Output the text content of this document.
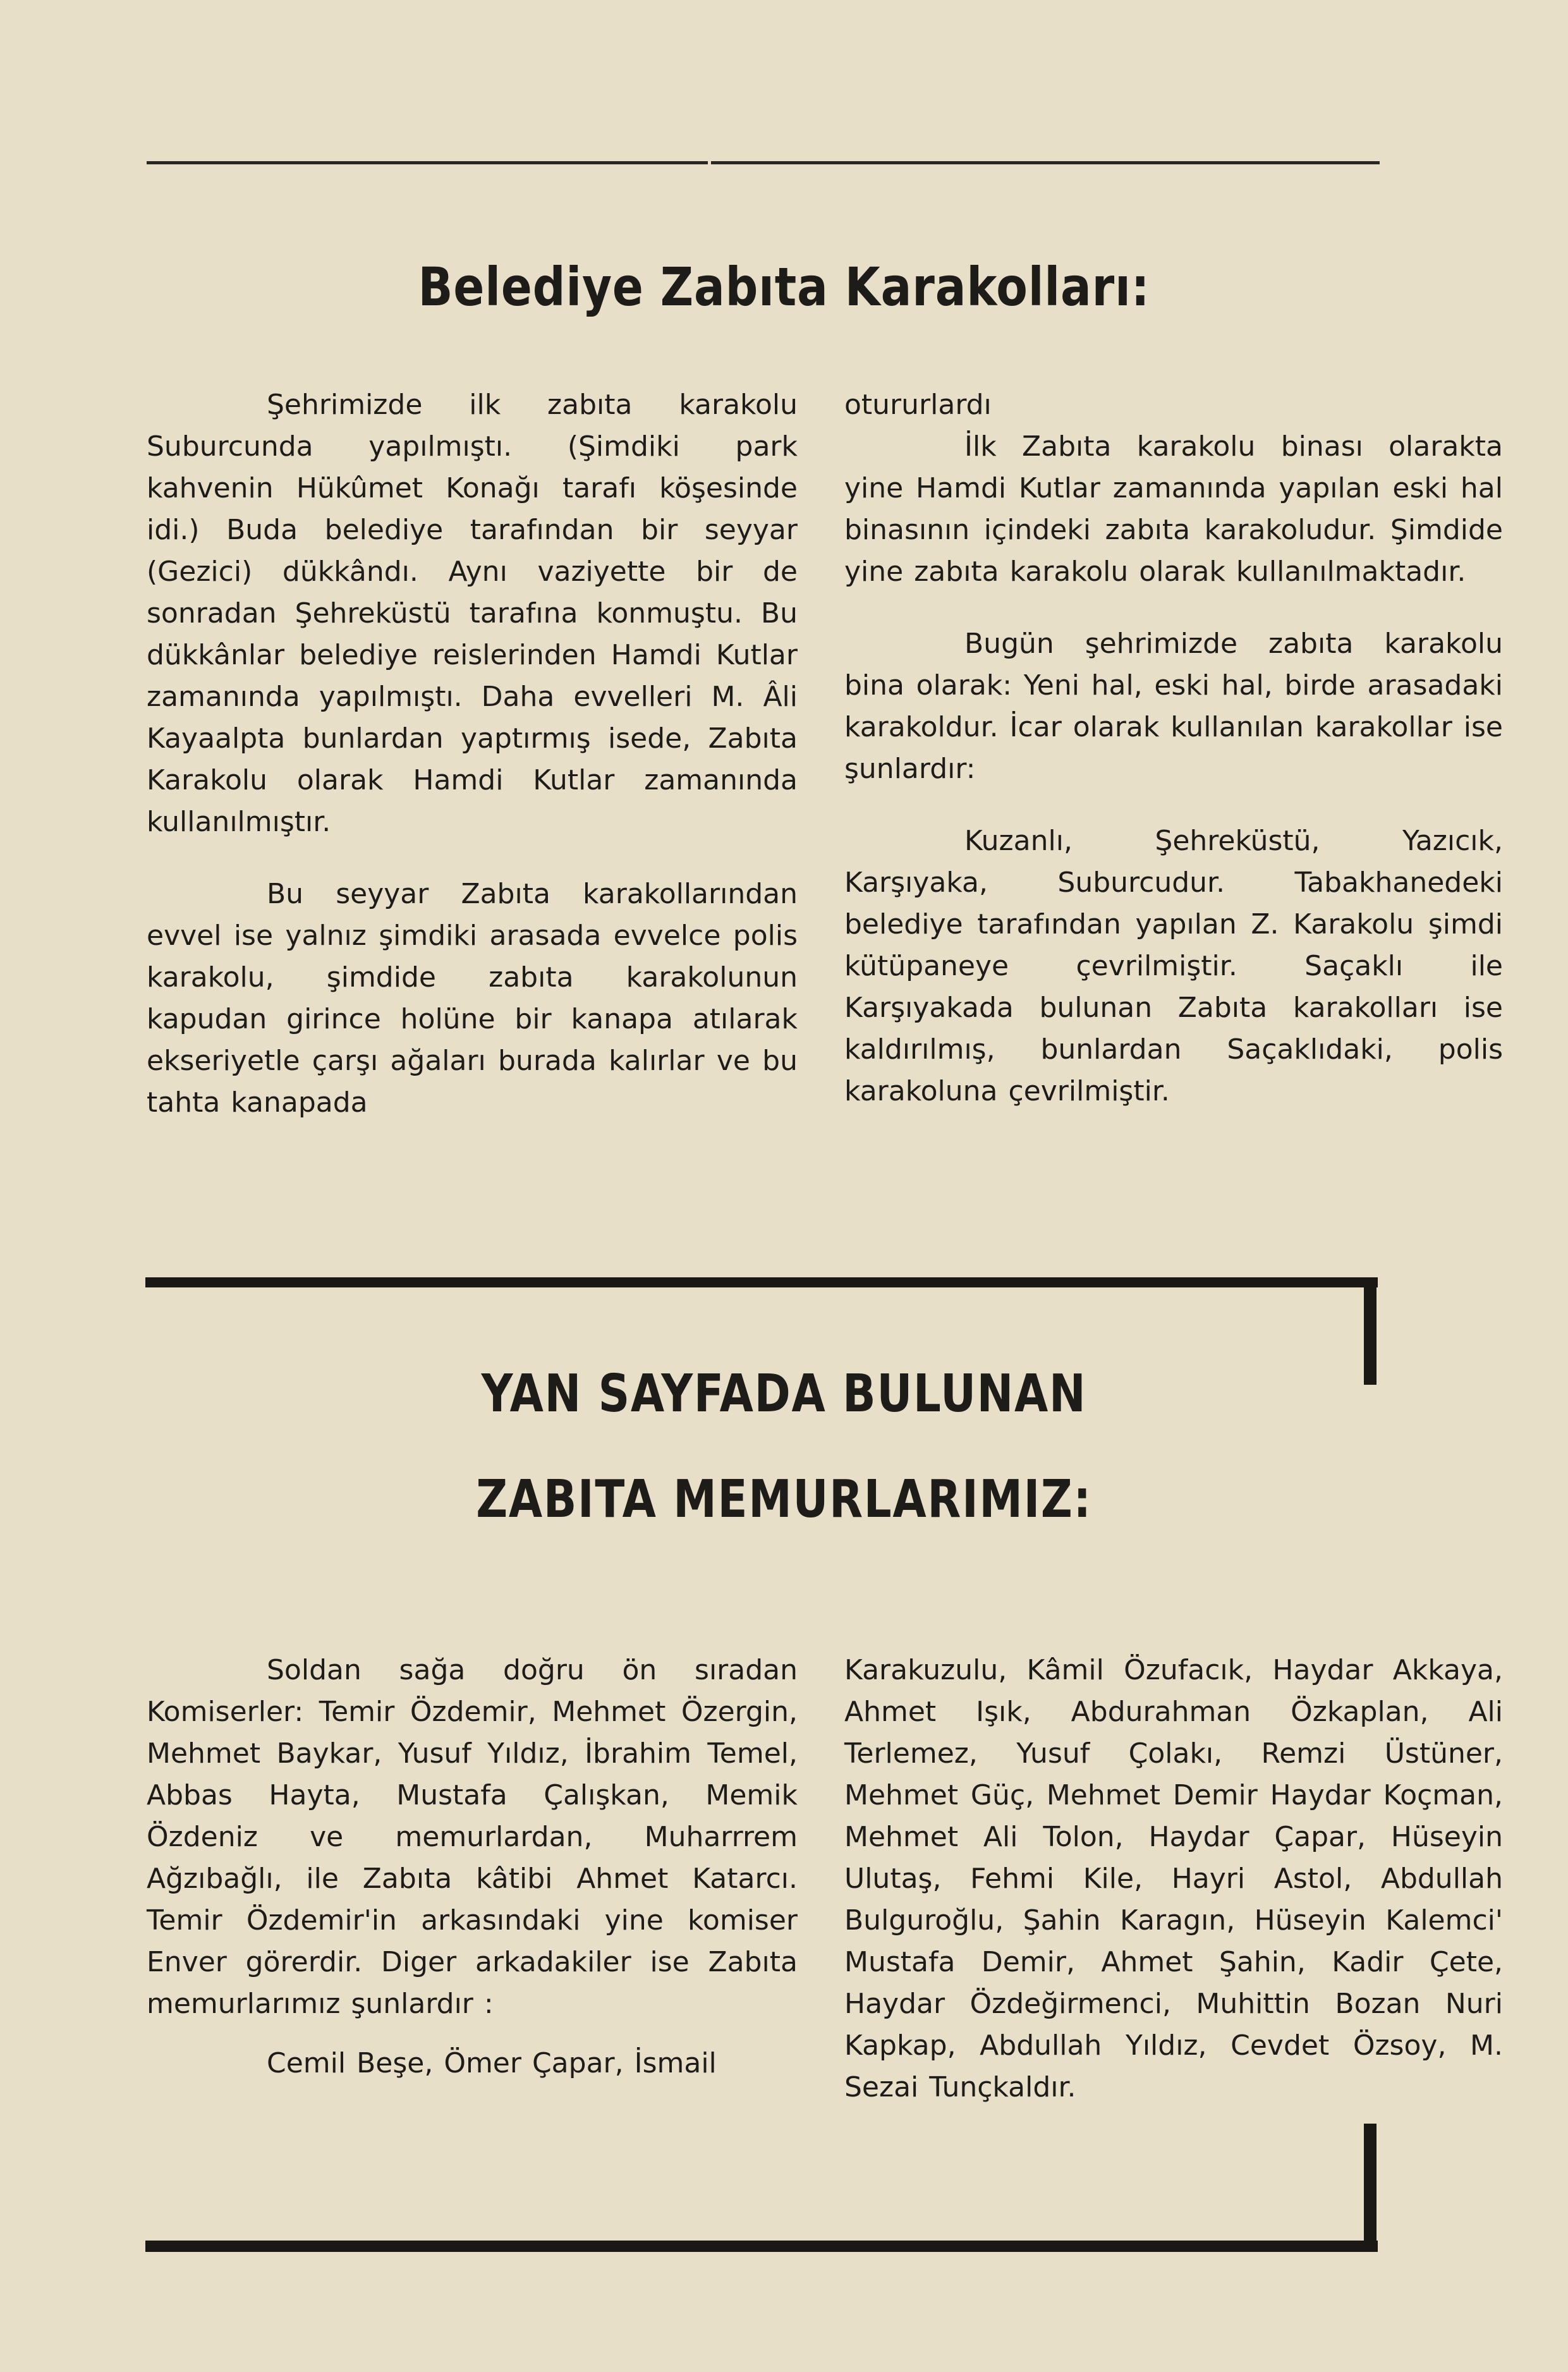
Belediye Zabıta Karakolları:

Şehrimizde ilk zabıta karakolu Suburcunda yapılmıştı. (Şimdiki park kahvenin Hükûmet Konağı tarafı köşesinde idi.) Buda belediye tarafından bir seyyar (Gezici) dükkândı. Aynı vaziyette bir de sonradan Şehreküstü tarafına konmuştu. Bu dükkânlar belediye reislerinden Hamdi Kutlar zamanında yapılmıştı. Daha evvelleri M. Âli Kayaalpta bunlardan yaptırmış isede, Zabıta Karakolu olarak Hamdi Kutlar zamanında kullanılmıştır.

Bu seyyar Zabıta karakollarından evvel ise yalnız şimdiki arasada evvelce polis karakolu, şimdide zabıta karakolunun kapudan girince holüne bir kanapa atılarak ekseriyetle çarşı ağaları burada kalırlar ve bu tahta kanapada

otururlardı

İlk Zabıta karakolu binası olarakta yine Hamdi Kutlar zamanında yapılan eski hal binasının içindeki zabıta karakoludur. Şimdide yine zabıta karakolu olarak kullanılmaktadır.

Bugün şehrimizde zabıta karakolu bina olarak: Yeni hal, eski hal, birde arasadaki karakoldur. İcar olarak kullanılan karakollar ise şunlardır:

Kuzanlı, Şehreküstü, Yazıcık, Karşıyaka, Suburcudur. Tabakhanedeki belediye tarafından yapılan Z. Karakolu şimdi kütüpaneye çevrilmiştir. Saçaklı ile Karşıyakada bulunan Zabıta karakolları ise kaldırılmış, bunlardan Saçaklıdaki, polis karakoluna çevrilmiştir.

YAN SAYFADA BULUNAN
ZABITA MEMURLARIMIZ:

Soldan sağa doğru ön sıradan Komiserler: Temir Özdemir, Mehmet Özergin, Mehmet Baykar, Yusuf Yıldız, İbrahim Temel, Abbas Hayta, Mustafa Çalışkan, Memik Özdeniz ve memurlardan, Muharrrem Ağzıbağlı, ile Zabıta kâtibi Ahmet Katarcı. Temir Özdemir'in arkasındaki yine komiser Enver görerdir. Diger arkadakiler ise Zabıta memurlarımız şunlardır :

Cemil Beşe, Ömer Çapar, İsmail

Karakuzulu, Kâmil Özufacık, Haydar Akkaya, Ahmet Işık, Abdurahman Özkaplan, Ali Terlemez, Yusuf Çolakı, Remzi Üstüner, Mehmet Güç, Mehmet Demir Haydar Koçman, Mehmet Ali Tolon, Haydar Çapar, Hüseyin Ulutaş, Fehmi Kile, Hayri Astol, Abdullah Bulguroğlu, Şahin Karagın, Hüseyin Kalemci' Mustafa Demir, Ahmet Şahin, Kadir Çete, Haydar Özdeğirmenci, Muhittin Bozan Nuri Kapkap, Abdullah Yıldız, Cevdet Özsoy, M. Sezai Tunçkaldır.
